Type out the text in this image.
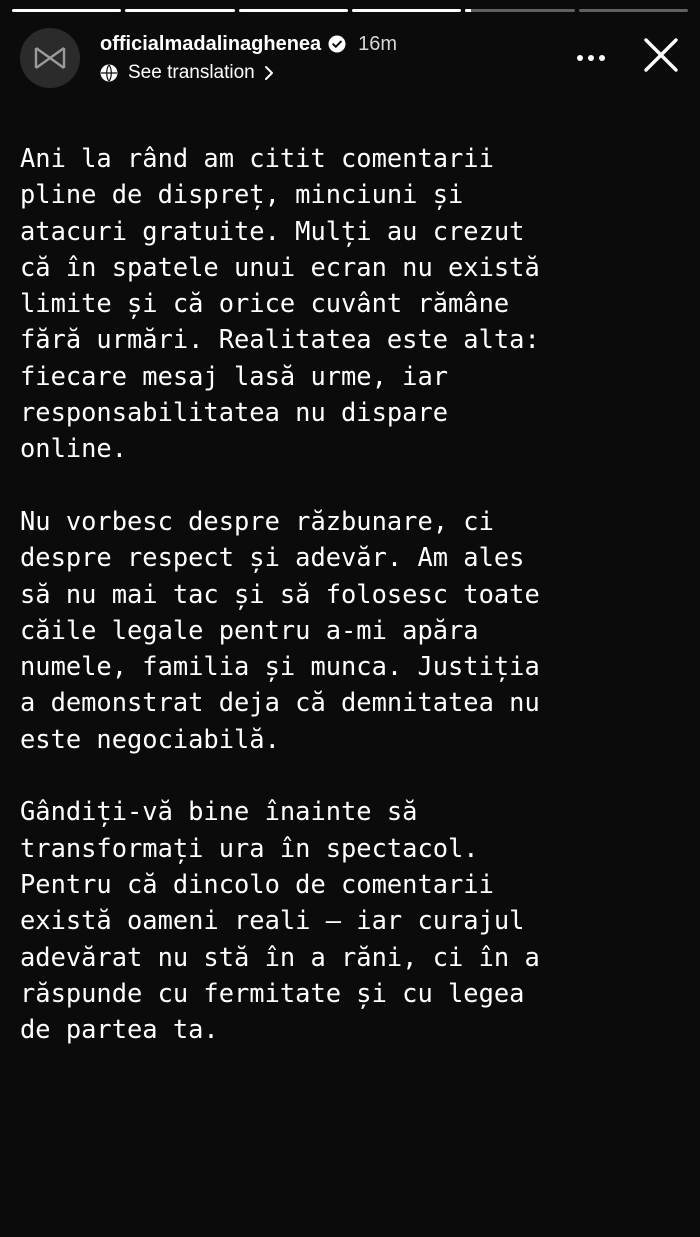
officialmadalinaghenea 16m
See translation

Ani la rând am citit comentarii
pline de dispreț, minciuni și
atacuri gratuite. Mulți au crezut
că în spatele unui ecran nu există
limite și că orice cuvânt rămâne
fără urmări. Realitatea este alta:
fiecare mesaj lasă urme, iar
responsabilitatea nu dispare
online.

Nu vorbesc despre răzbunare, ci
despre respect și adevăr. Am ales
să nu mai tac și să folosesc toate
căile legale pentru a-mi apăra
numele, familia și munca. Justiția
a demonstrat deja că demnitatea nu
este negociabilă.

Gândiți-vă bine înainte să
transformați ura în spectacol.
Pentru că dincolo de comentarii
există oameni reali — iar curajul
adevărat nu stă în a răni, ci în a
răspunde cu fermitate și cu legea
de partea ta.
